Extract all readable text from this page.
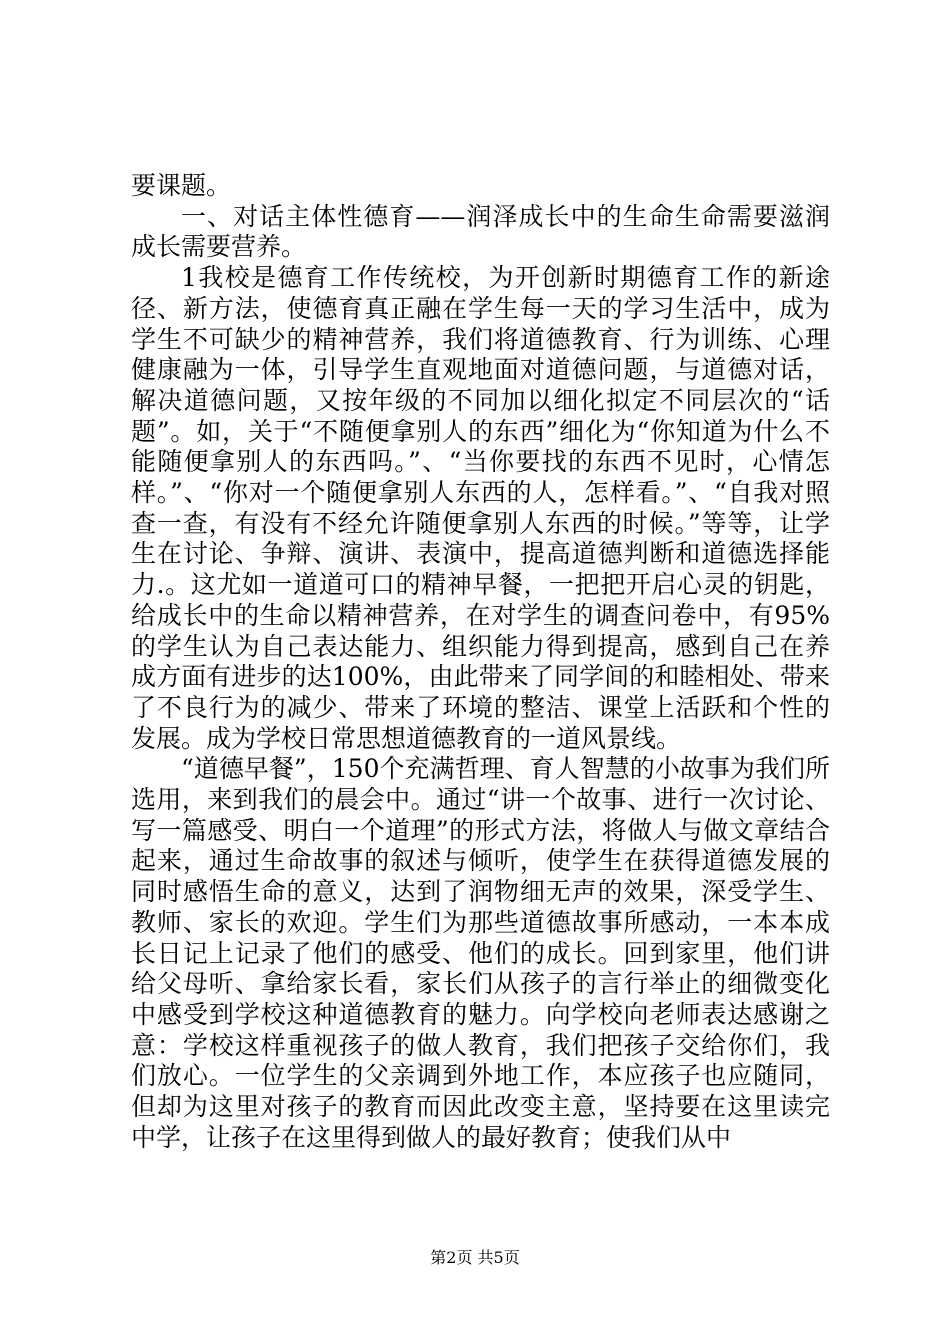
要课题。

一、对话主体性德育——润泽成长中的生命生命需要滋润成长需要营养。

1我校是德育工作传统校，为开创新时期德育工作的新途径、新方法，使德育真正融在学生每一天的学习生活中，成为学生不可缺少的精神营养，我们将道德教育、行为训练、心理健康融为一体，引导学生直观地面对道德问题，与道德对话，解决道德问题，又按年级的不同加以细化拟定不同层次的“话题”。如，关于“不随便拿别人的东西”细化为“你知道为什么不能随便拿别人的东西吗。”、“当你要找的东西不见时，心情怎样。”、“你对一个随便拿别人东西的人，怎样看。”、“自我对照查一查，有没有不经允许随便拿别人东西的时候。”等等，让学生在讨论、争辩、演讲、表演中，提高道德判断和道德选择能力.。这尤如一道道可口的精神早餐，一把把开启心灵的钥匙，给成长中的生命以精神营养，在对学生的调查问卷中，有95%的学生认为自己表达能力、组织能力得到提高，感到自己在养成方面有进步的达100%，由此带来了同学间的和睦相处、带来了不良行为的减少、带来了环境的整洁、课堂上活跃和个性的发展。成为学校日常思想道德教育的一道风景线。

“道德早餐”，150个充满哲理、育人智慧的小故事为我们所选用，来到我们的晨会中。通过“讲一个故事、进行一次讨论、写一篇感受、明白一个道理”的形式方法，将做人与做文章结合起来，通过生命故事的叙述与倾听，使学生在获得道德发展的同时感悟生命的意义，达到了润物细无声的效果，深受学生、教师、家长的欢迎。学生们为那些道德故事所感动，一本本成长日记上记录了他们的感受、他们的成长。回到家里，他们讲给父母听、拿给家长看，家长们从孩子的言行举止的细微变化中感受到学校这种道德教育的魅力。向学校向老师表达感谢之意：学校这样重视孩子的做人教育，我们把孩子交给你们，我们放心。一位学生的父亲调到外地工作，本应孩子也应随同，但却为这里对孩子的教育而因此改变主意，坚持要在这里读完中学，让孩子在这里得到做人的最好教育；使我们从中

第2页 共5页
